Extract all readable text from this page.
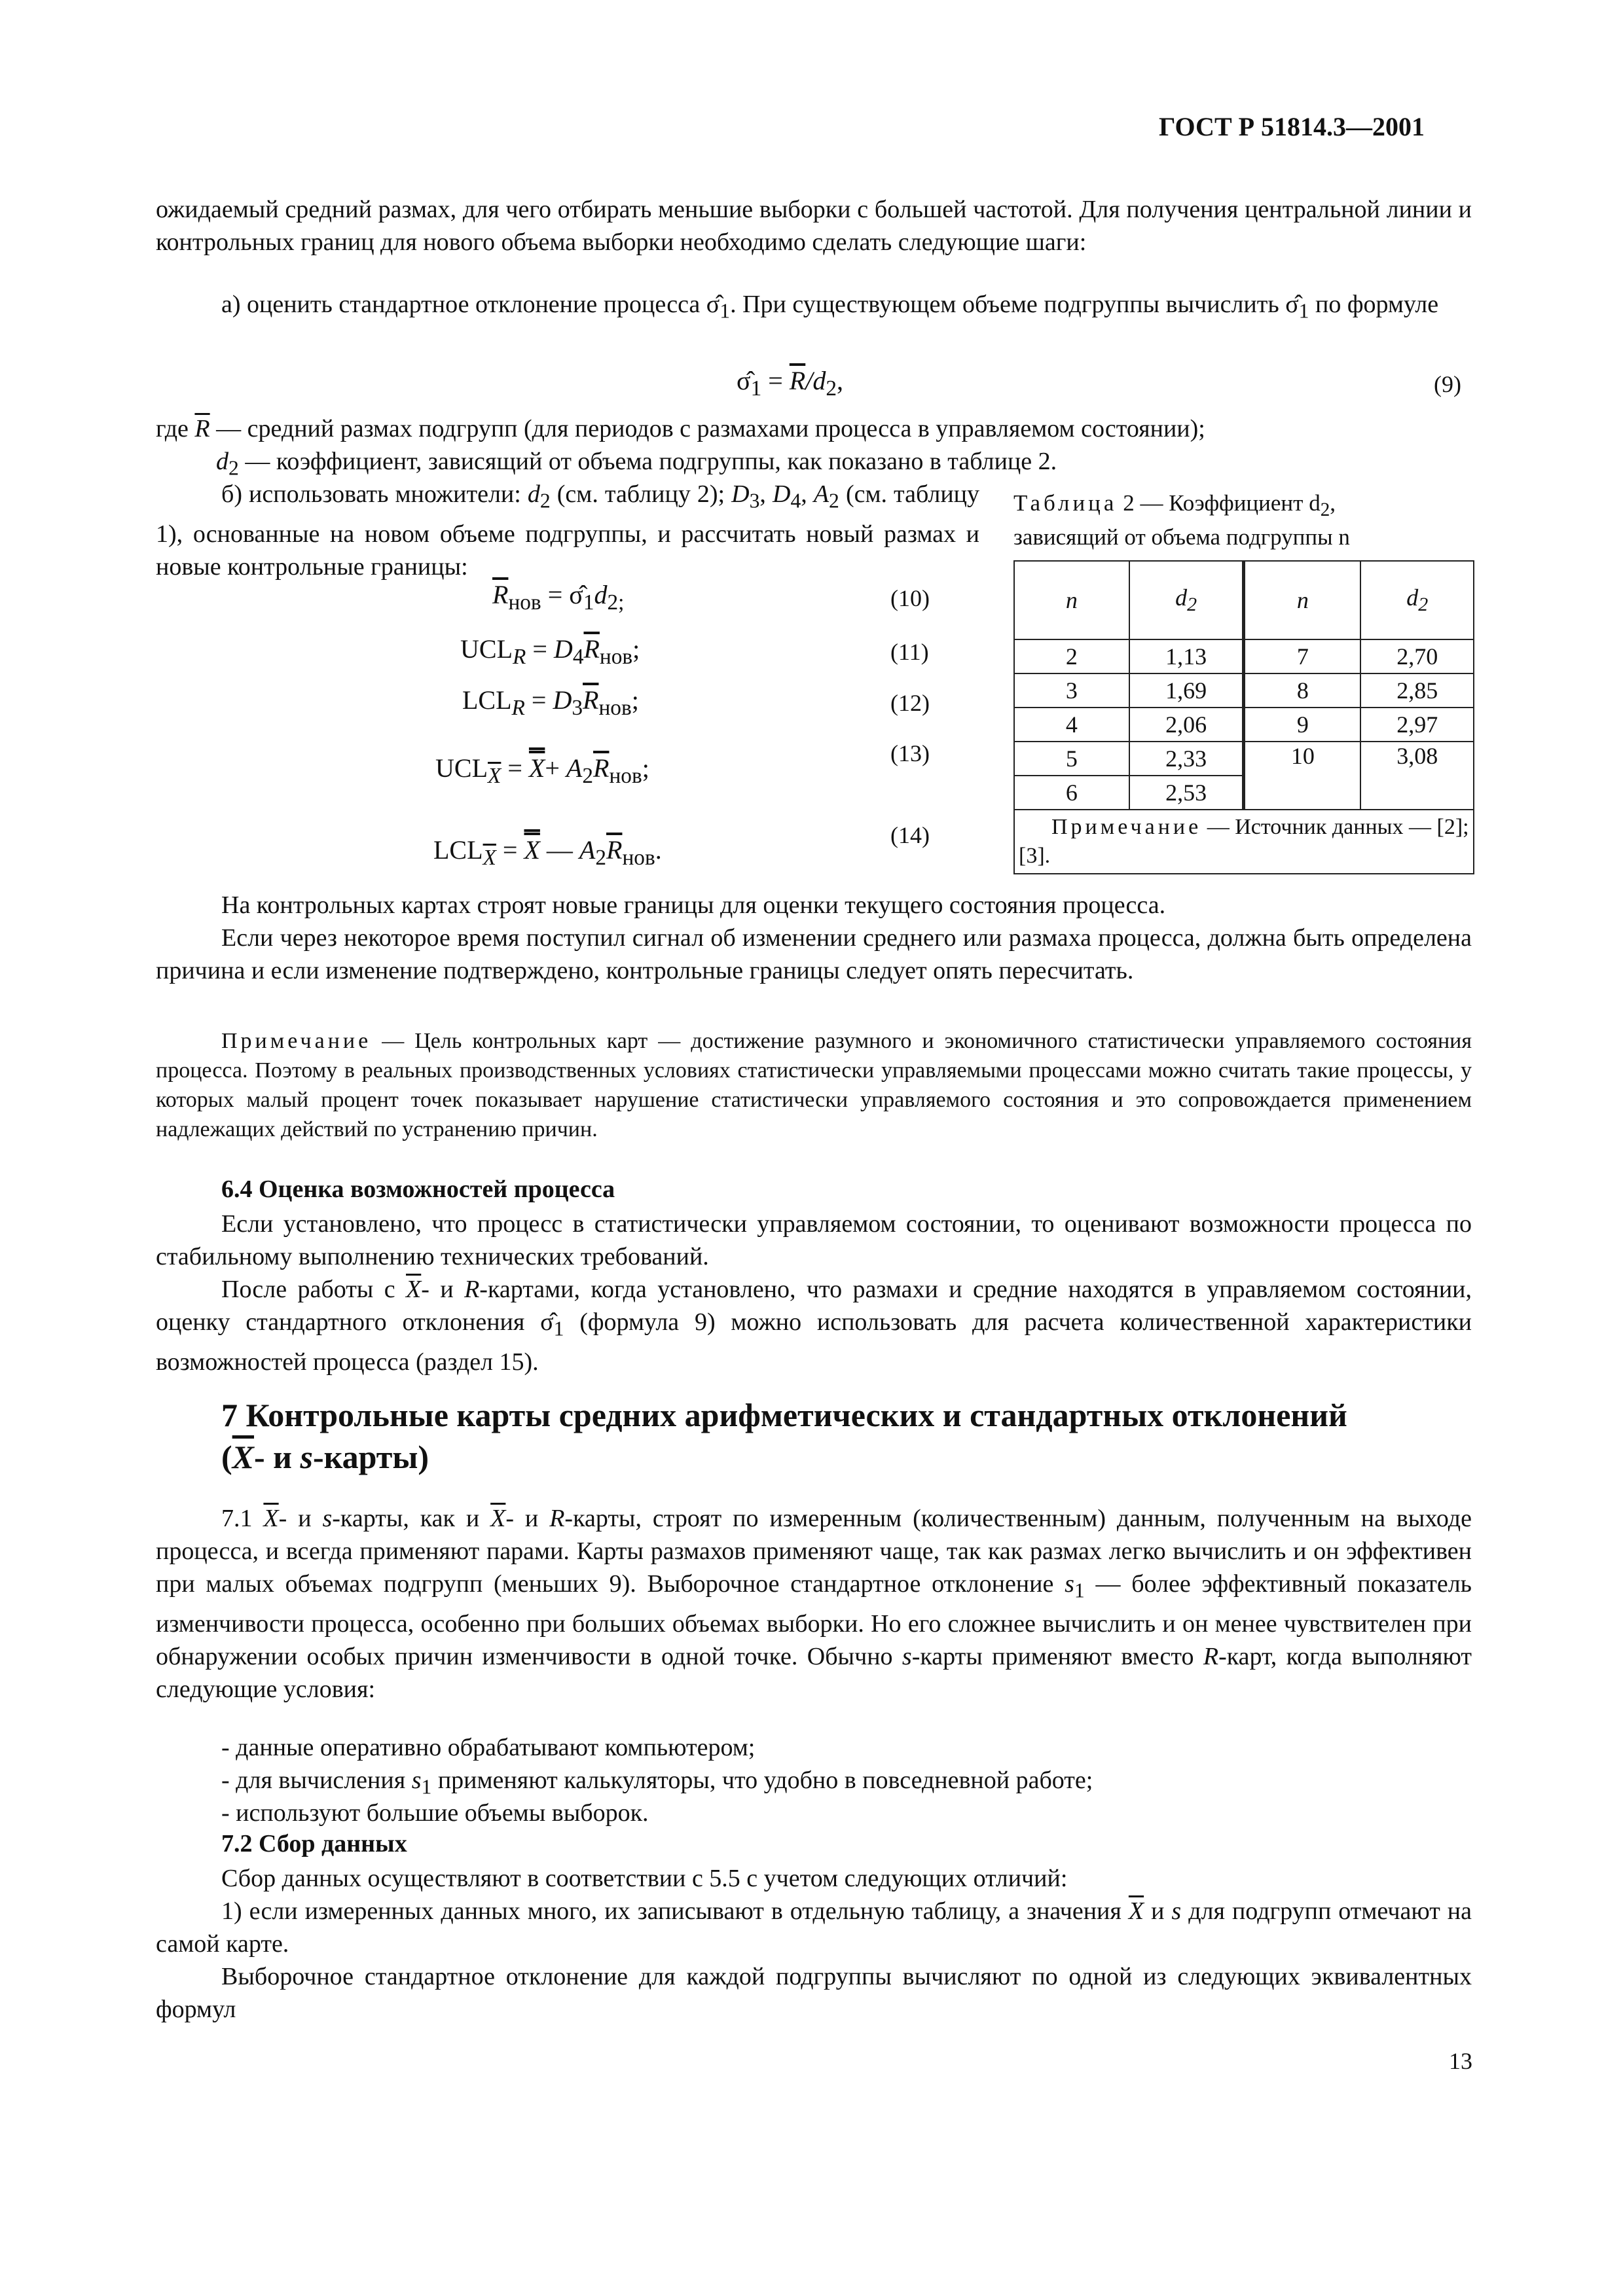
ГОСТ Р 51814.3—2001
ожидаемый средний размах, для чего отбирать меньшие выборки с большей частотой. Для получения центральной линии и контрольных границ для нового объема выборки необходимо сделать следующие шаги:
а) оценить стандартное отклонение процесса $\sigmâ_1$. При существующем объеме подгруппы вычислить $\sigmâ_1$ по формуле
$\sigmâ_1 = \overline{R}/d_2$,	(9)
где $\overline{R}$ — средний размах подгрупп (для периодов с размахами процесса в управляемом состоянии);
$d_2$ — коэффициент, зависящий от объема подгруппы, как показано в таблице 2.
б) использовать множители: $d_2$ (см. таблицу 2); $D_3$, $D_4$, $A_2$ (см. таблицу 1), основанные на новом объеме подгруппы, и рассчитать новый размах и новые контрольные границы:
$\overline{R}_{нов}$ = $\sigmâ_1d_{2;}$	(10)
$UCL_R = D_4\overline{R}_{нов}$;	(11)
$LCL_R = D_3\overline{R}_{нов}$;	(12)
$UCL_{\overline{X}} = X+ A_2\overline{R}_{нов}$;	(13)
$LCL_{\overline{X}} = X$ — $A_2\overline{R}_{нов}$.	(14)
Таблица 2 — Коэффициент $d_2$,
зависящий от объема подгруппы n
n	$d_2$	n	$d_2$
2	1,13	7	2,70
3	1,69	8	2,85
4	2,06	9	2,97
5	2,33	10	3,08
6	2,53		
Примечание — Источник данных — [2]; [3].			
На контрольных картах строят новые границы для оценки текущего состояния процесса.
Если через некоторое время поступил сигнал об изменении среднего или размаха процесса, должна быть определена причина и если изменение подтверждено, контрольные границы следует опять пересчитать.
Примечание — Цель контрольных карт — достижение разумного и экономичного статистически управляемого состояния процесса. Поэтому в реальных производственных условиях статистически управляемыми процессами можно считать такие процессы, у которых малый процент точек показывает нарушение статистически управляемого состояния и это сопровождается применением надлежащих действий по устранению причин.
6.4 Оценка возможностей процесса
Если установлено, что процесс в статистически управляемом состоянии, то оценивают возможности процесса по стабильному выполнению технических требований.
После работы с $\overline{X}-$ и R-картами, когда установлено, что размахи и средние находятся в управляемом состоянии, оценку стандартного отклонения $\sigmâ_1$ (формула 9) можно использовать для расчета количественной характеристики возможностей процесса (раздел 15).
7 Контрольные карты средних арифметических и стандартных отклонений
($\overline{X}-$ и s-карты)
7.1 $\overline{X}-$ и s-карты, как и $\overline{X}-$ и R-карты, строят по измеренным (количественным) данным, полученным на выходе процесса, и всегда применяют парами. Карты размахов применяют чаще, так как размах легко вычислить и он эффективен при малых объемах подгрупп (меньших 9). Выборочное стандартное отклонение $s_1$ — более эффективный показатель изменчивости процесса, особенно при больших объемах выборки. Но его сложнее вычислить и он менее чувствителен при обнаружении особых причин изменчивости в одной точке. Обычно s-карты применяют вместо R-карт, когда выполняют следующие условия:
- данные оперативно обрабатывают компьютером;
- для вычисления $s_1$ применяют калькуляторы, что удобно в повседневной работе;
- используют большие объемы выборок.
7.2 Сбор данных
Сбор данных осуществляют в соответствии с 5.5 с учетом следующих отличий:
1) если измеренных данных много, их записывают в отдельную таблицу, а значения $\overline{X}$ и s для подгрупп отмечают на самой карте.
Выборочное стандартное отклонение для каждой подгруппы вычисляют по одной из следующих эквивалентных формул
13
